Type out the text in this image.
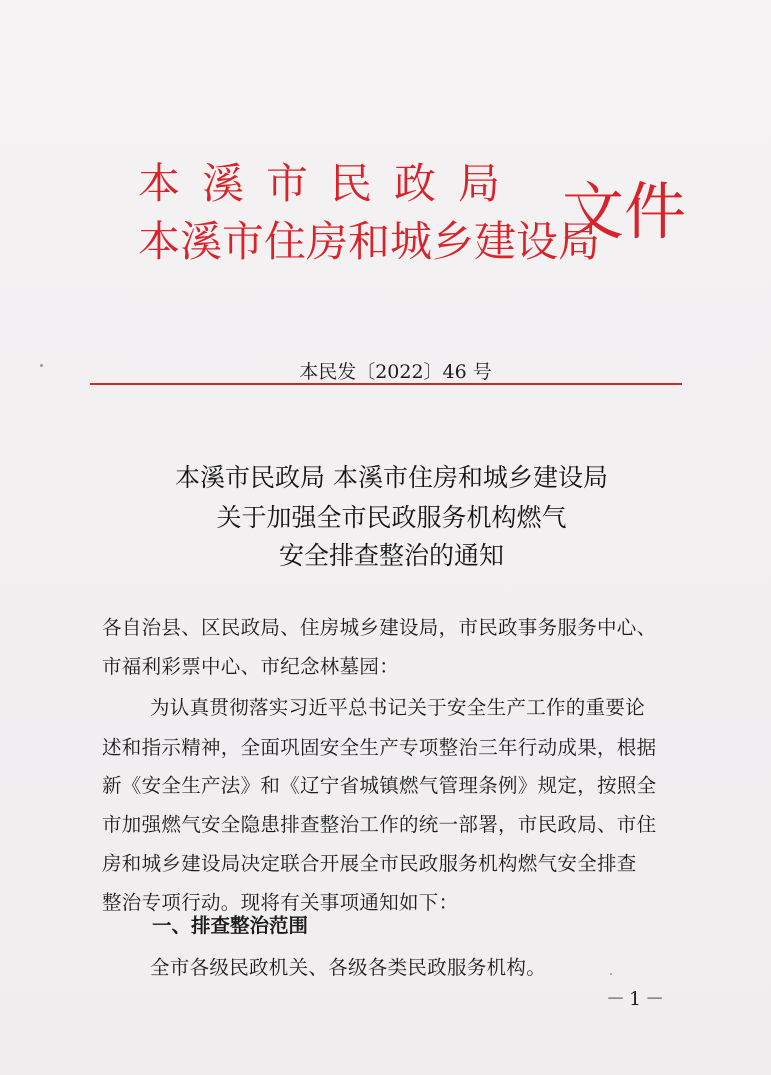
本溪市民政局
本溪市住房和城乡建设局
文件
本民发〔2022〕46 号
本溪市民政局 本溪市住房和城乡建设局
关于加强全市民政服务机构燃气
安全排查整治的通知
各自治县、区民政局、住房城乡建设局，市民政事务服务中心、
市福利彩票中心、市纪念林墓园：
为认真贯彻落实习近平总书记关于安全生产工作的重要论
述和指示精神，全面巩固安全生产专项整治三年行动成果，根据
新《安全生产法》和《辽宁省城镇燃气管理条例》规定，按照全
市加强燃气安全隐患排查整治工作的统一部署，市民政局、市住
房和城乡建设局决定联合开展全市民政服务机构燃气安全排查
整治专项行动。现将有关事项通知如下：
一、排查整治范围
全市各级民政机关、各级各类民政服务机构。
－1－
